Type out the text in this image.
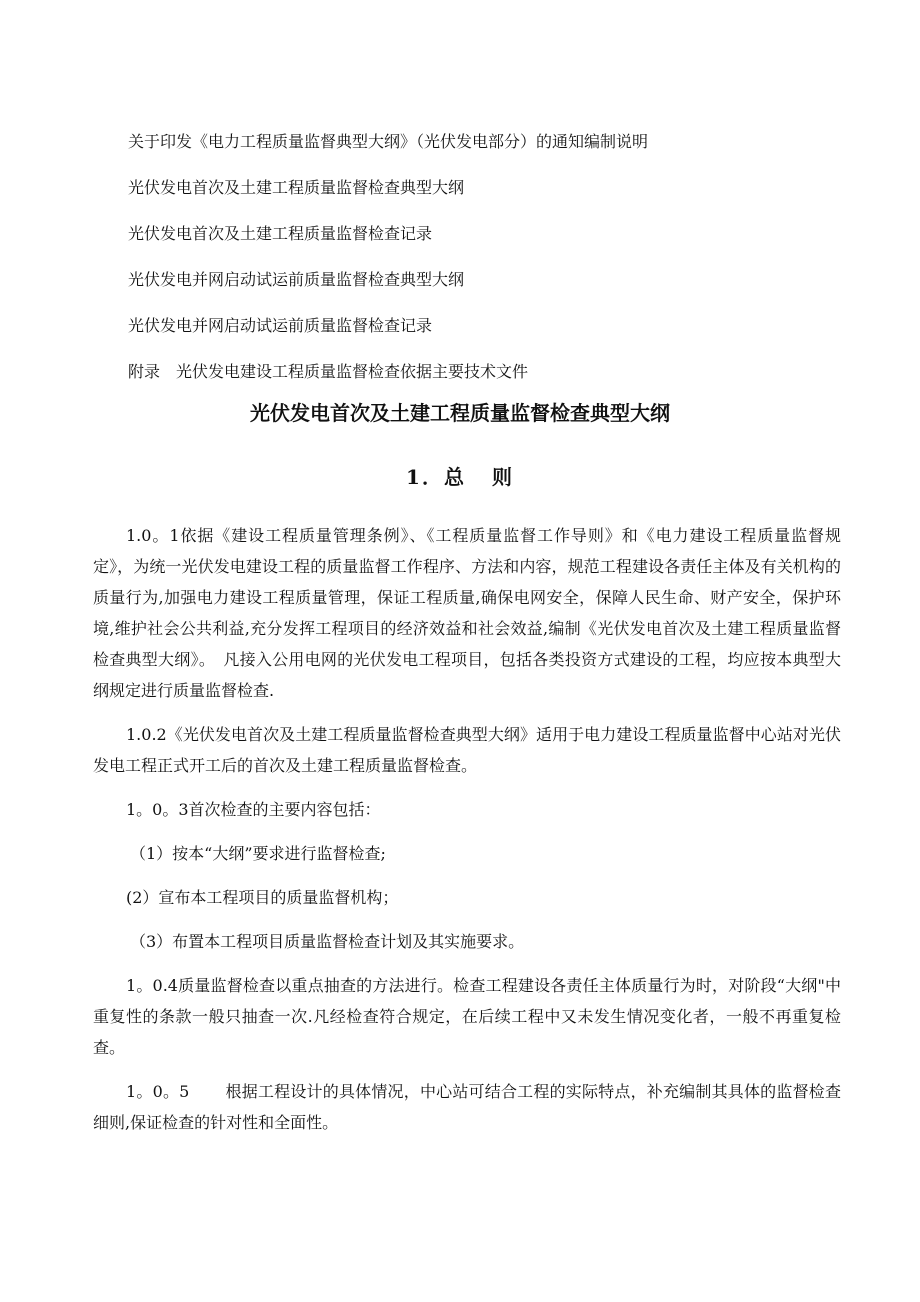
关于印发《电力工程质量监督典型大纲》（光伏发电部分）的通知编制说明
光伏发电首次及土建工程质量监督检查典型大纲
光伏发电首次及土建工程质量监督检查记录
光伏发电并网启动试运前质量监督检查典型大纲
光伏发电并网启动试运前质量监督检查记录
附录 光伏发电建设工程质量监督检查依据主要技术文件
光伏发电首次及土建工程质量监督检查典型大纲
1．总 则

1.0。1依据《建设工程质量管理条例》、《工程质量监督工作导则》和《电力建设工程质量监督规定》，为统一光伏发电建设工程的质量监督工作程序、方法和内容，规范工程建设各责任主体及有关机构的质量行为,加强电力建设工程质量管理，保证工程质量,确保电网安全，保障人民生命、财产安全，保护环境,维护社会公共利益,充分发挥工程项目的经济效益和社会效益,编制《光伏发电首次及土建工程质量监督检查典型大纲》。　凡接入公用电网的光伏发电工程项目，包括各类投资方式建设的工程，均应按本典型大纲规定进行质量监督检查.

1.0.2《光伏发电首次及土建工程质量监督检查典型大纲》适用于电力建设工程质量监督中心站对光伏发电工程正式开工后的首次及土建工程质量监督检查。

1。0。3首次检查的主要内容包括：

（1）按本“大纲”要求进行监督检查;

(2）宣布本工程项目的质量监督机构；

（3）布置本工程项目质量监督检查计划及其实施要求。

1。0.4质量监督检查以重点抽查的方法进行。检查工程建设各责任主体质量行为时，对阶段“大纲"中重复性的条款一般只抽查一次.凡经检查符合规定，在后续工程中又未发生情况变化者，一般不再重复检查。

1。0。5 根据工程设计的具体情况，中心站可结合工程的实际特点，补充编制其具体的监督检查细则,保证检查的针对性和全面性。
